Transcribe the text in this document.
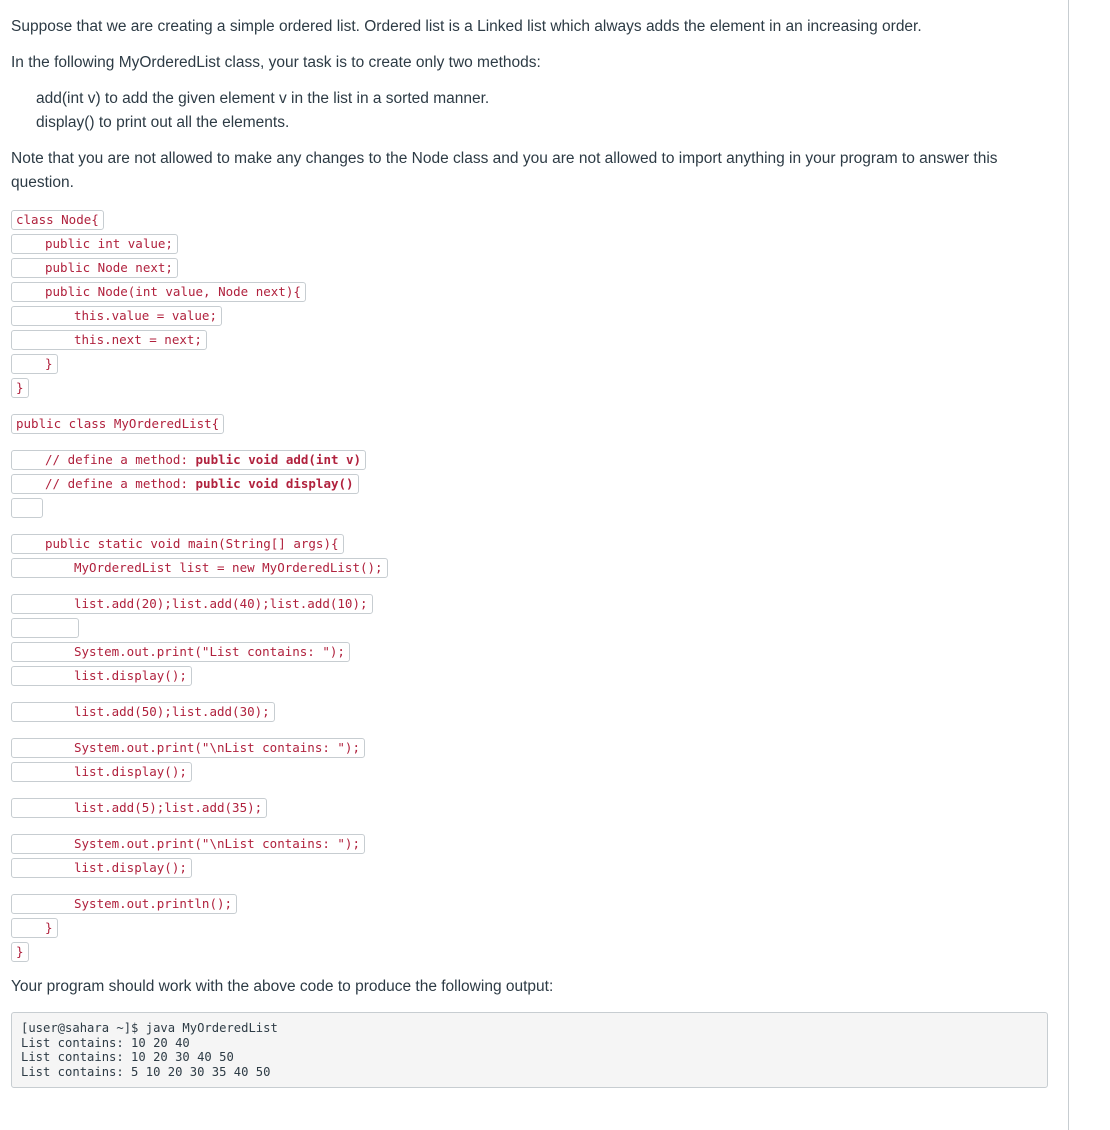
Suppose that we are creating a simple ordered list. Ordered list is a Linked list which always adds the element in an increasing order.

In the following MyOrderedList class, your task is to create only two methods:

add(int v) to add the given element v in the list in a sorted manner.

display() to print out all the elements.

Note that you are not allowed to make any changes to the Node class and you are not allowed to import anything in your program to answer this question.

class Node{
public int value;
public Node next;
public Node(int value, Node next){
this.value = value;
this.next = next;
}
}
public class MyOrderedList{
// define a method: public void add(int v)
// define a method: public void display()
public static void main(String[] args){
MyOrderedList list = new MyOrderedList();
list.add(20);list.add(40);list.add(10);
System.out.print("List contains: ");
list.display();
list.add(50);list.add(30);
System.out.print("\nList contains: ");
list.display();
list.add(5);list.add(35);
System.out.print("\nList contains: ");
list.display();
System.out.println();
}
}

Your program should work with the above code to produce the following output:

[user@sahara ~]$ java MyOrderedList
List contains: 10 20 40
List contains: 10 20 30 40 50
List contains: 5 10 20 30 35 40 50
